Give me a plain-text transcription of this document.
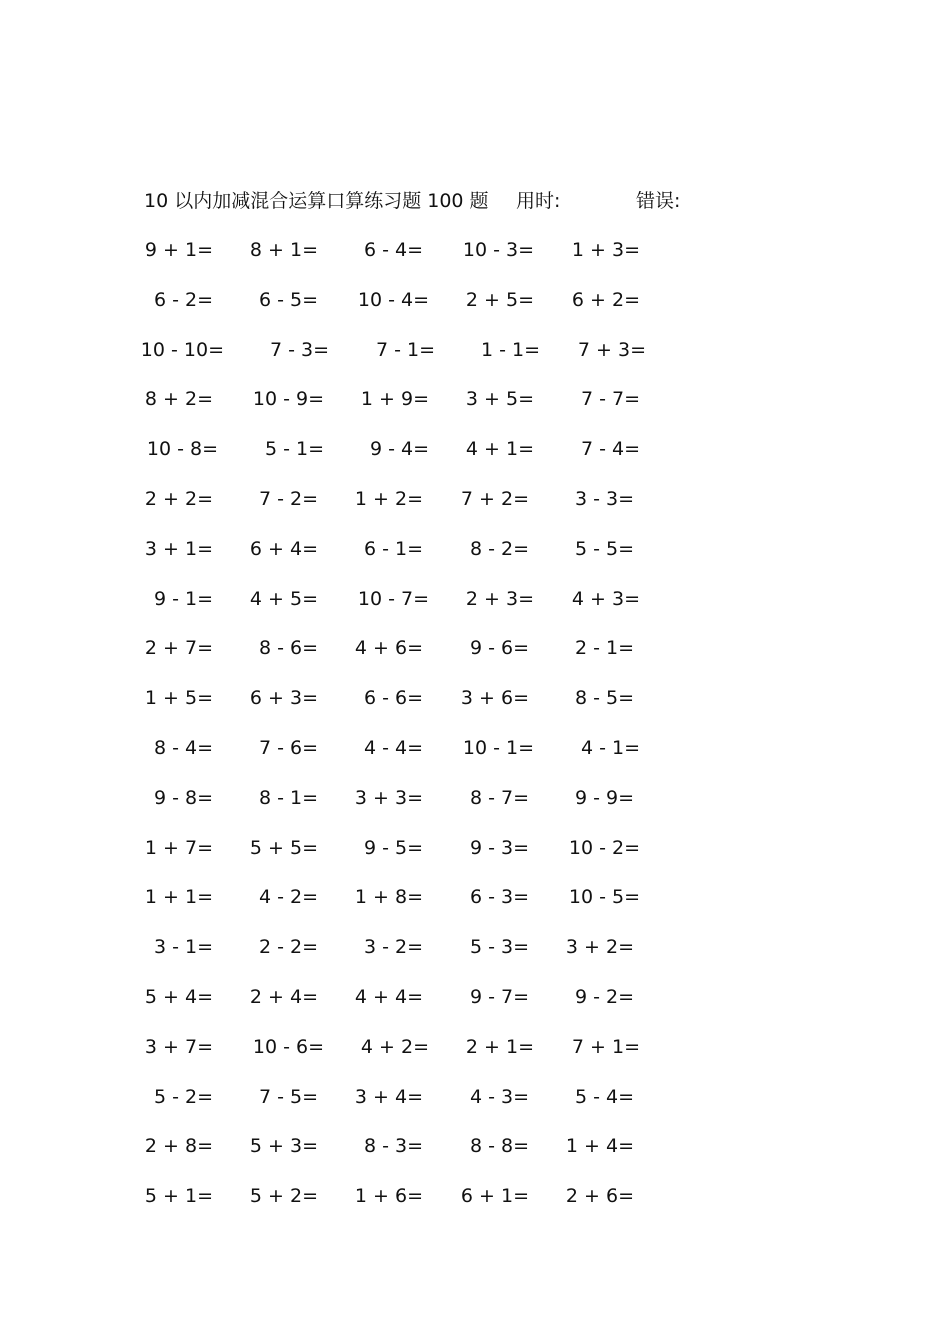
10 以内加减混合运算口算练习题 100 题 用时:	错误:
9 + 1=	8 + 1=	6 - 4=	10 - 3=	1 + 3=
6 - 2=	6 - 5=	10 - 4=	2 + 5=	6 + 2=
10 - 10=	7 - 3=	7 - 1=	1 - 1=	7 + 3=
8 + 2=	10 - 9=	1 + 9=	3 + 5=	7 - 7=
10 - 8=	5 - 1=	9 - 4=	4 + 1=	7 - 4=
2 + 2=	7 - 2=	1 + 2=	7 + 2=	3 - 3=
3 + 1=	6 + 4=	6 - 1=	8 - 2=	5 - 5=
9 - 1=	4 + 5=	10 - 7=	2 + 3=	4 + 3=
2 + 7=	8 - 6=	4 + 6=	9 - 6=	2 - 1=
1 + 5=	6 + 3=	6 - 6=	3 + 6=	8 - 5=
8 - 4=	7 - 6=	4 - 4=	10 - 1=	4 - 1=
9 - 8=	8 - 1=	3 + 3=	8 - 7=	9 - 9=
1 + 7=	5 + 5=	9 - 5=	9 - 3=	10 - 2=
1 + 1=	4 - 2=	1 + 8=	6 - 3=	10 - 5=
3 - 1=	2 - 2=	3 - 2=	5 - 3=	3 + 2=
5 + 4=	2 + 4=	4 + 4=	9 - 7=	9 - 2=
3 + 7=	10 - 6=	4 + 2=	2 + 1=	7 + 1=
5 - 2=	7 - 5=	3 + 4=	4 - 3=	5 - 4=
2 + 8=	5 + 3=	8 - 3=	8 - 8=	1 + 4=
5 + 1=	5 + 2=	1 + 6=	6 + 1=	2 + 6=
